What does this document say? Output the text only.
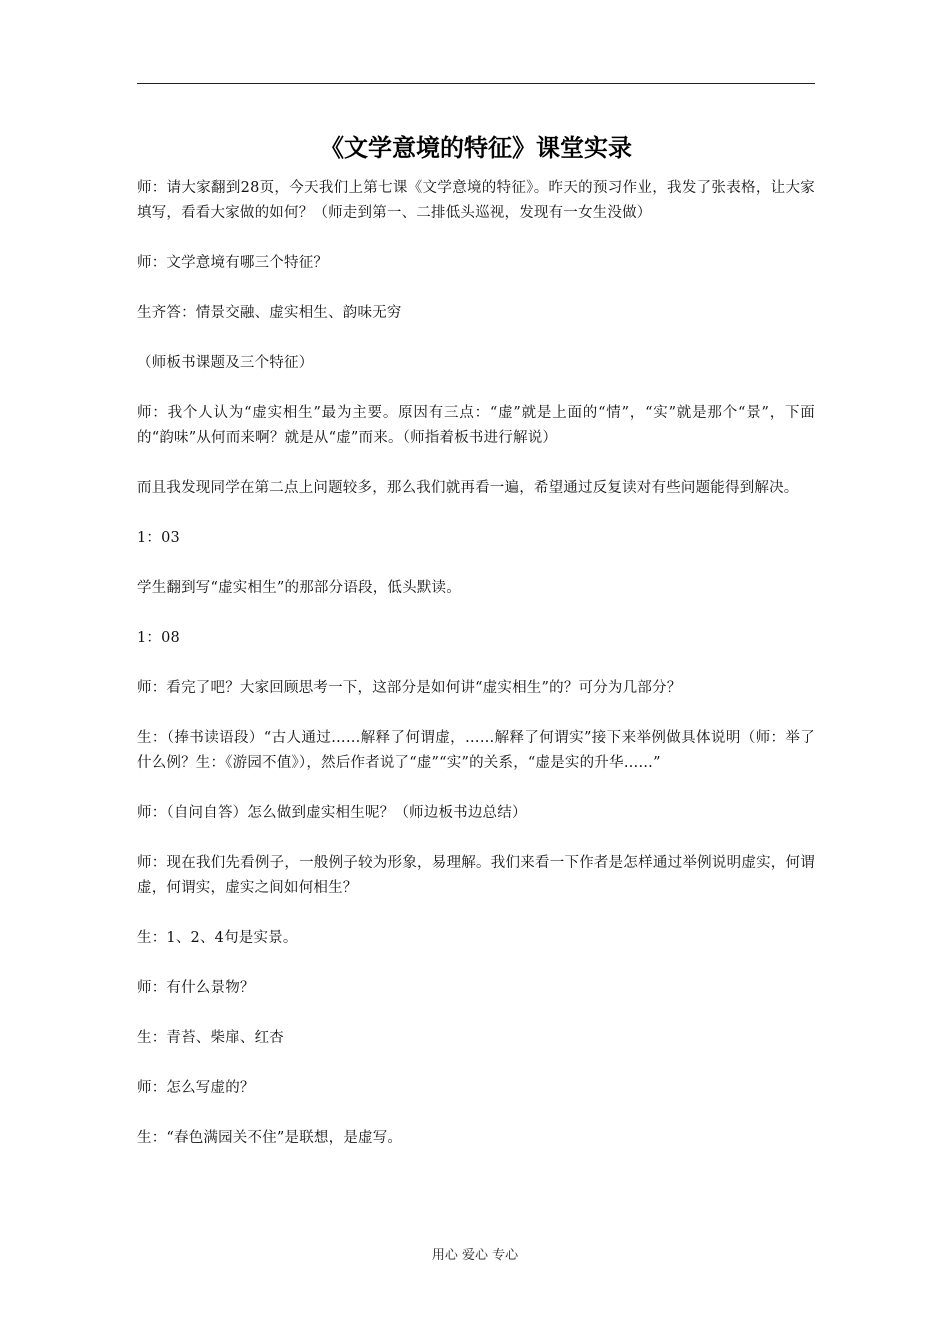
《文学意境的特征》课堂实录

师：请大家翻到28页，今天我们上第七课《文学意境的特征》。昨天的预习作业，我发了张表格，让大家填写，看看大家做的如何？（师走到第一、二排低头巡视，发现有一女生没做）

师：文学意境有哪三个特征？

生齐答：情景交融、虚实相生、韵味无穷

（师板书课题及三个特征）

师：我个人认为“虚实相生”最为主要。原因有三点：“虚”就是上面的“情”，“实”就是那个“景”，下面的“韵味”从何而来啊？就是从“虚”而来。（师指着板书进行解说）

而且我发现同学在第二点上问题较多，那么我们就再看一遍，希望通过反复读对有些问题能得到解决。

1：03

学生翻到写“虚实相生”的那部分语段，低头默读。

1：08

师：看完了吧？大家回顾思考一下，这部分是如何讲“虚实相生”的？可分为几部分？

生：（捧书读语段）“古人通过……解释了何谓虚，……解释了何谓实”接下来举例做具体说明（师：举了什么例？生：《游园不值》），然后作者说了“虚”“实”的关系，“虚是实的升华……”

师：（自问自答）怎么做到虚实相生呢？（师边板书边总结）

师：现在我们先看例子，一般例子较为形象，易理解。我们来看一下作者是怎样通过举例说明虚实，何谓虚，何谓实，虚实之间如何相生？

生：1、2、4句是实景。

师：有什么景物？

生：青苔、柴扉、红杏

师：怎么写虚的？

生：“春色满园关不住”是联想，是虚写。

用心 爱心 专心
